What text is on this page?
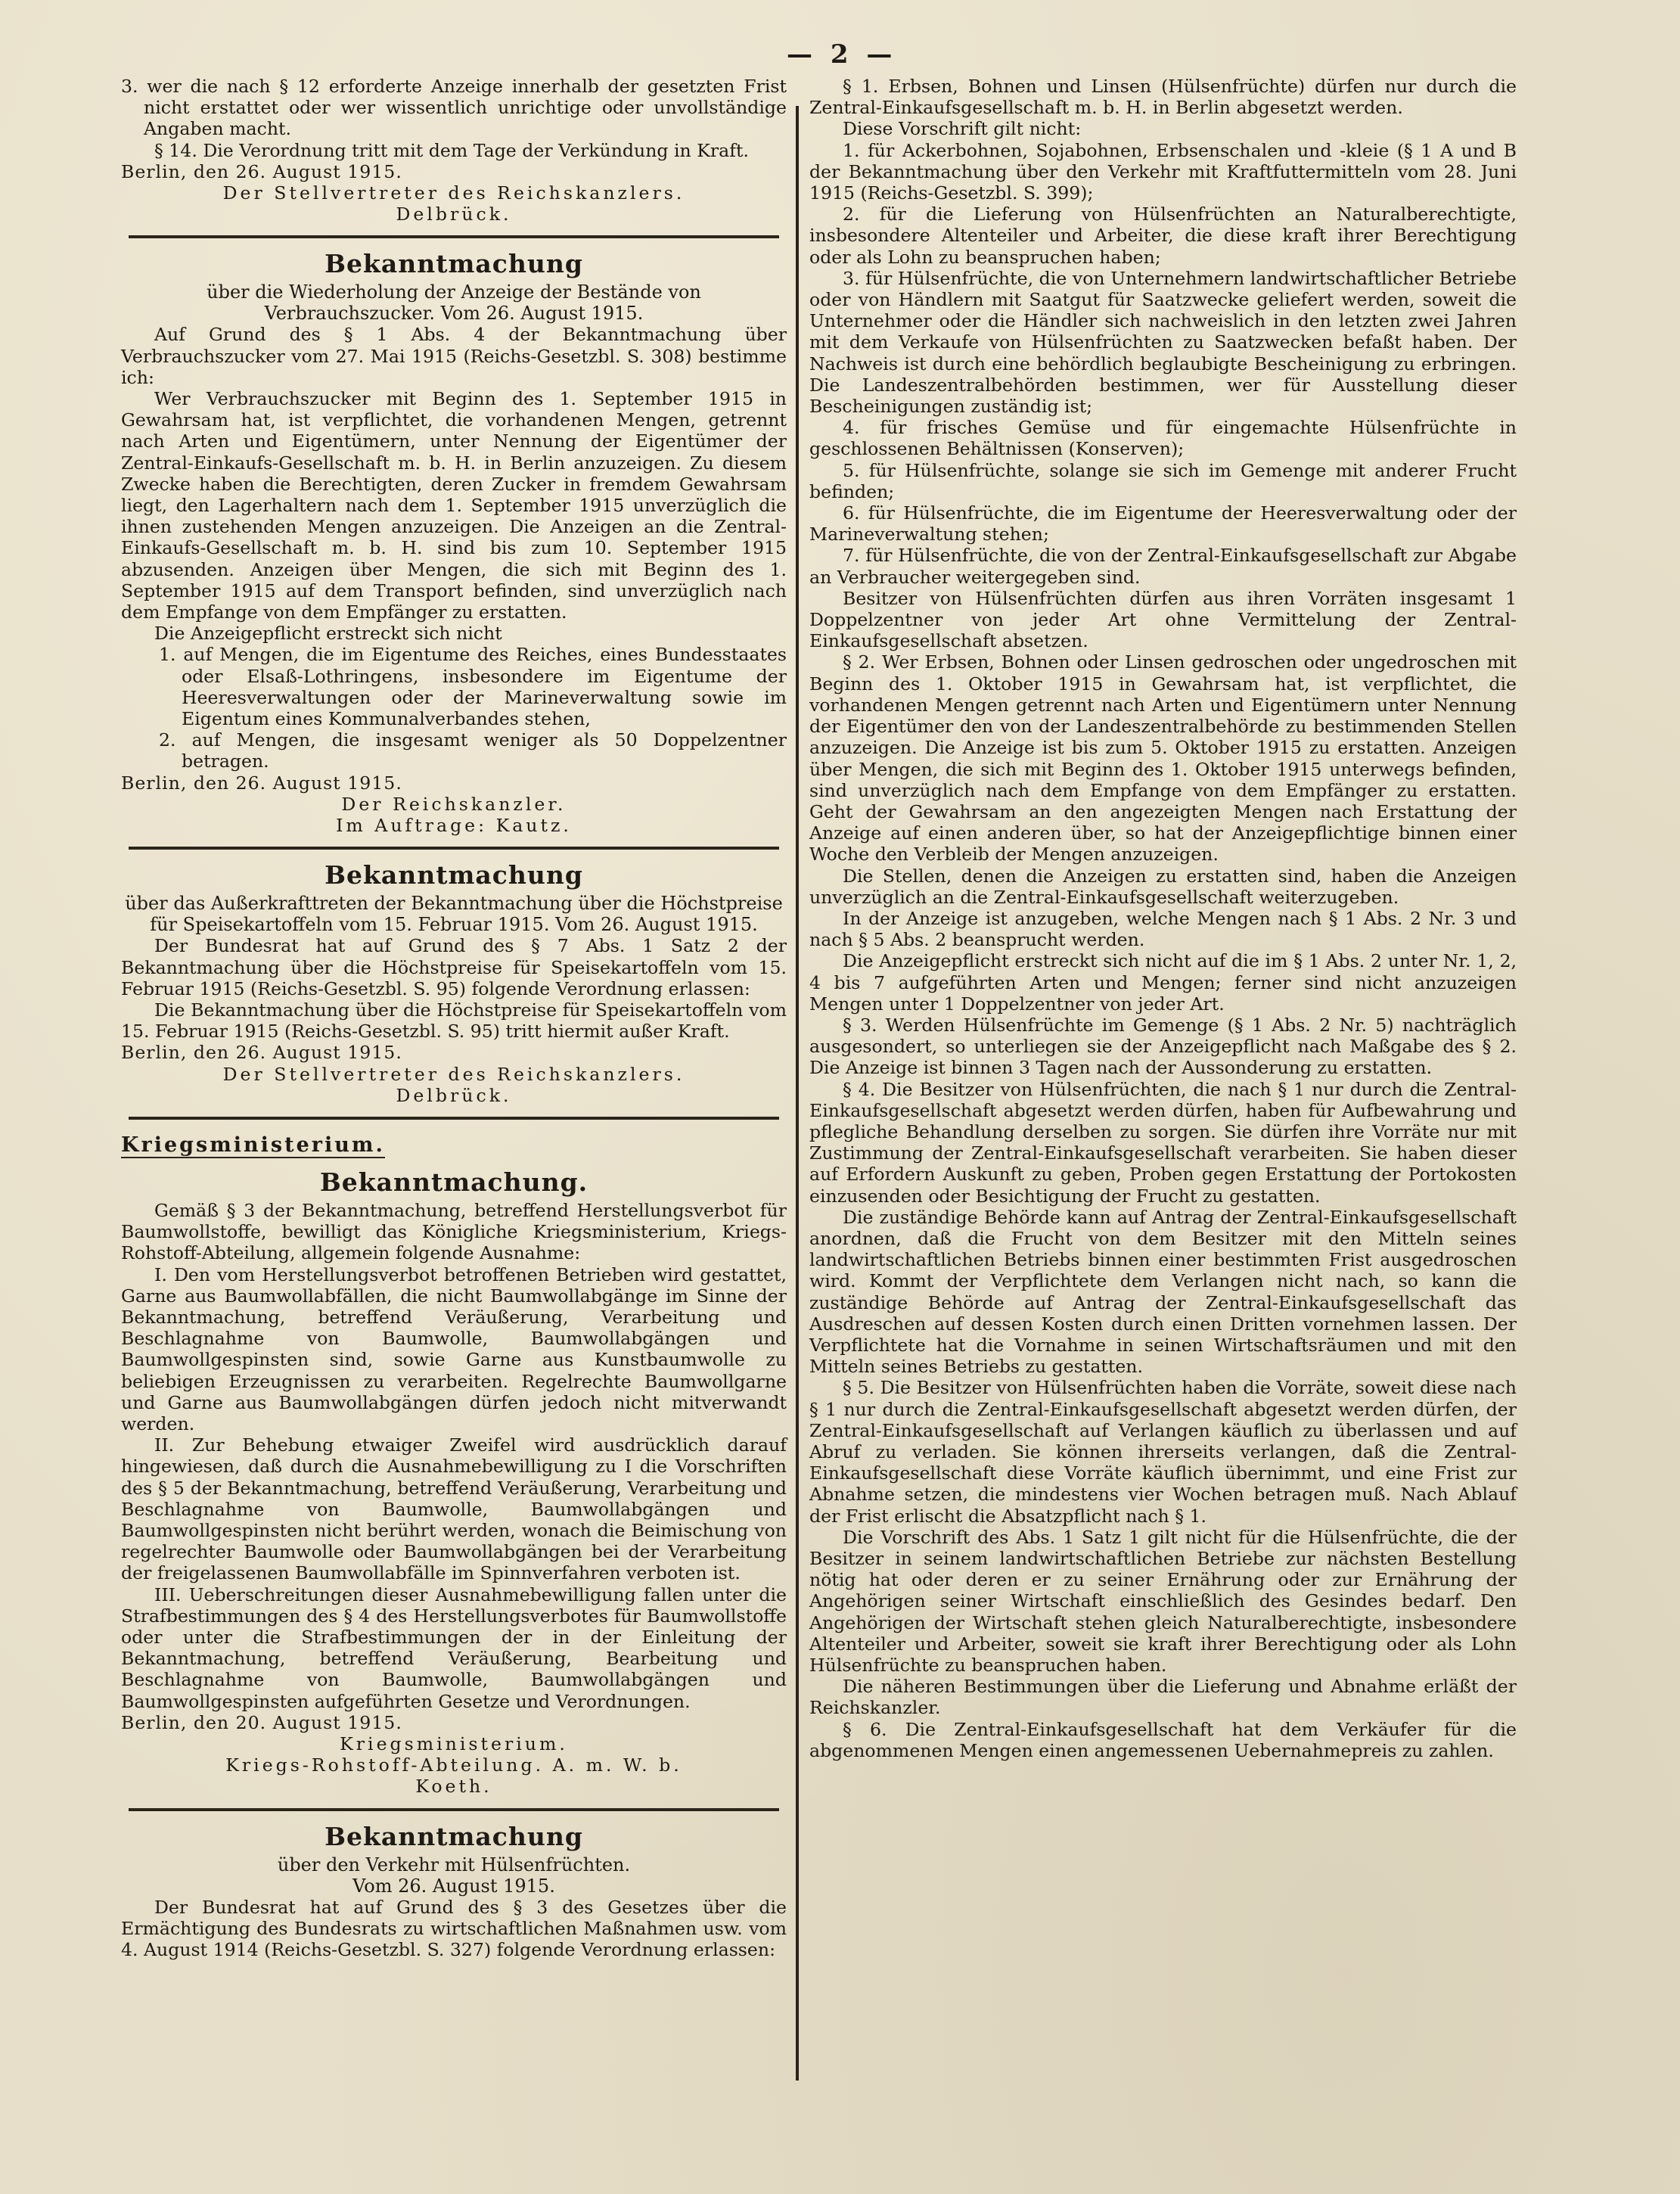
— 2 —

3. wer die nach § 12 erforderte Anzeige innerhalb der gesetzten Frist nicht erstattet oder wer wissentlich unrichtige oder unvollständige Angaben macht.

§ 14. Die Verordnung tritt mit dem Tage der Verkündung in Kraft.

Berlin, den 26. August 1915.

Der Stellvertreter des Reichskanzlers.

Delbrück.

Bekanntmachung
über die Wiederholung der Anzeige der Bestände von Verbrauchszucker. Vom 26. August 1915.

Auf Grund des § 1 Abs. 4 der Bekanntmachung über Verbrauchszucker vom 27. Mai 1915 (Reichs-Gesetzbl. S. 308) bestimme ich:

Wer Verbrauchszucker mit Beginn des 1. September 1915 in Gewahrsam hat, ist verpflichtet, die vorhandenen Mengen, getrennt nach Arten und Eigentümern, unter Nennung der Eigentümer der Zentral-Einkaufs-Gesellschaft m. b. H. in Berlin anzuzeigen. Zu diesem Zwecke haben die Berechtigten, deren Zucker in fremdem Gewahrsam liegt, den Lagerhaltern nach dem 1. September 1915 unverzüglich die ihnen zustehenden Mengen anzuzeigen. Die Anzeigen an die Zentral-Einkaufs-Gesellschaft m. b. H. sind bis zum 10. September 1915 abzusenden. Anzeigen über Mengen, die sich mit Beginn des 1. September 1915 auf dem Transport befinden, sind unverzüglich nach dem Empfange von dem Empfänger zu erstatten.

Die Anzeigepflicht erstreckt sich nicht

1. auf Mengen, die im Eigentume des Reiches, eines Bundesstaates oder Elsaß-Lothringens, insbesondere im Eigentume der Heeresverwaltungen oder der Marineverwaltung sowie im Eigentum eines Kommunalverbandes stehen,

2. auf Mengen, die insgesamt weniger als 50 Doppelzentner betragen.

Berlin, den 26. August 1915.

Der Reichskanzler.

Im Auftrage: Kautz.

Bekanntmachung
über das Außerkrafttreten der Bekanntmachung über die Höchstpreise für Speisekartoffeln vom 15. Februar 1915. Vom 26. August 1915.

Der Bundesrat hat auf Grund des § 7 Abs. 1 Satz 2 der Bekanntmachung über die Höchstpreise für Speisekartoffeln vom 15. Februar 1915 (Reichs-Gesetzbl. S. 95) folgende Verordnung erlassen:

Die Bekanntmachung über die Höchstpreise für Speisekartoffeln vom 15. Februar 1915 (Reichs-Gesetzbl. S. 95) tritt hiermit außer Kraft.

Berlin, den 26. August 1915.

Der Stellvertreter des Reichskanzlers.

Delbrück.

Kriegsministerium.
Bekanntmachung.

Gemäß § 3 der Bekanntmachung, betreffend Herstellungsverbot für Baumwollstoffe, bewilligt das Königliche Kriegsministerium, Kriegs-Rohstoff-Abteilung, allgemein folgende Ausnahme:

I. Den vom Herstellungsverbot betroffenen Betrieben wird gestattet, Garne aus Baumwollabfällen, die nicht Baumwollabgänge im Sinne der Bekanntmachung, betreffend Veräußerung, Verarbeitung und Beschlagnahme von Baumwolle, Baumwollabgängen und Baumwollgespinsten sind, sowie Garne aus Kunstbaumwolle zu beliebigen Erzeugnissen zu verarbeiten. Regelrechte Baumwollgarne und Garne aus Baumwollabgängen dürfen jedoch nicht mitverwandt werden.

II. Zur Behebung etwaiger Zweifel wird ausdrücklich darauf hingewiesen, daß durch die Ausnahmebewilligung zu I die Vorschriften des § 5 der Bekanntmachung, betreffend Veräußerung, Verarbeitung und Beschlagnahme von Baumwolle, Baumwollabgängen und Baumwollgespinsten nicht berührt werden, wonach die Beimischung von regelrechter Baumwolle oder Baumwollabgängen bei der Verarbeitung der freigelassenen Baumwollabfälle im Spinnverfahren verboten ist.

III. Ueberschreitungen dieser Ausnahmebewilligung fallen unter die Strafbestimmungen des § 4 des Herstellungsverbotes für Baumwollstoffe oder unter die Strafbestimmungen der in der Einleitung der Bekanntmachung, betreffend Veräußerung, Bearbeitung und Beschlagnahme von Baumwolle, Baumwollabgängen und Baumwollgespinsten aufgeführten Gesetze und Verordnungen.

Berlin, den 20. August 1915.

Kriegsministerium.

Kriegs-Rohstoff-Abteilung. A. m. W. b.

Koeth.

Bekanntmachung
über den Verkehr mit Hülsenfrüchten.
Vom 26. August 1915.

Der Bundesrat hat auf Grund des § 3 des Gesetzes über die Ermächtigung des Bundesrats zu wirtschaftlichen Maßnahmen usw. vom 4. August 1914 (Reichs-Gesetzbl. S. 327) folgende Verordnung erlassen:

§ 1. Erbsen, Bohnen und Linsen (Hülsenfrüchte) dürfen nur durch die Zentral-Einkaufsgesellschaft m. b. H. in Berlin abgesetzt werden.

Diese Vorschrift gilt nicht:

1. für Ackerbohnen, Sojabohnen, Erbsenschalen und -kleie (§ 1 A und B der Bekanntmachung über den Verkehr mit Kraftfuttermitteln vom 28. Juni 1915 (Reichs-Gesetzbl. S. 399);

2. für die Lieferung von Hülsenfrüchten an Naturalberechtigte, insbesondere Altenteiler und Arbeiter, die diese kraft ihrer Berechtigung oder als Lohn zu beanspruchen haben;

3. für Hülsenfrüchte, die von Unternehmern landwirtschaftlicher Betriebe oder von Händlern mit Saatgut für Saatzwecke geliefert werden, soweit die Unternehmer oder die Händler sich nachweislich in den letzten zwei Jahren mit dem Verkaufe von Hülsenfrüchten zu Saatzwecken befaßt haben. Der Nachweis ist durch eine behördlich beglaubigte Bescheinigung zu erbringen. Die Landeszentralbehörden bestimmen, wer für Ausstellung dieser Bescheinigungen zuständig ist;

4. für frisches Gemüse und für eingemachte Hülsenfrüchte in geschlossenen Behältnissen (Konserven);

5. für Hülsenfrüchte, solange sie sich im Gemenge mit anderer Frucht befinden;

6. für Hülsenfrüchte, die im Eigentume der Heeresverwaltung oder der Marineverwaltung stehen;

7. für Hülsenfrüchte, die von der Zentral-Einkaufsgesellschaft zur Abgabe an Verbraucher weitergegeben sind.

Besitzer von Hülsenfrüchten dürfen aus ihren Vorräten insgesamt 1 Doppelzentner von jeder Art ohne Vermittelung der Zentral-Einkaufsgesellschaft absetzen.

§ 2. Wer Erbsen, Bohnen oder Linsen gedroschen oder ungedroschen mit Beginn des 1. Oktober 1915 in Gewahrsam hat, ist verpflichtet, die vorhandenen Mengen getrennt nach Arten und Eigentümern unter Nennung der Eigentümer den von der Landeszentralbehörde zu bestimmenden Stellen anzuzeigen. Die Anzeige ist bis zum 5. Oktober 1915 zu erstatten. Anzeigen über Mengen, die sich mit Beginn des 1. Oktober 1915 unterwegs befinden, sind unverzüglich nach dem Empfange von dem Empfänger zu erstatten. Geht der Gewahrsam an den angezeigten Mengen nach Erstattung der Anzeige auf einen anderen über, so hat der Anzeigepflichtige binnen einer Woche den Verbleib der Mengen anzuzeigen.

Die Stellen, denen die Anzeigen zu erstatten sind, haben die Anzeigen unverzüglich an die Zentral-Einkaufsgesellschaft weiterzugeben.

In der Anzeige ist anzugeben, welche Mengen nach § 1 Abs. 2 Nr. 3 und nach § 5 Abs. 2 beansprucht werden.

Die Anzeigepflicht erstreckt sich nicht auf die im § 1 Abs. 2 unter Nr. 1, 2, 4 bis 7 aufgeführten Arten und Mengen; ferner sind nicht anzuzeigen Mengen unter 1 Doppelzentner von jeder Art.

§ 3. Werden Hülsenfrüchte im Gemenge (§ 1 Abs. 2 Nr. 5) nachträglich ausgesondert, so unterliegen sie der Anzeigepflicht nach Maßgabe des § 2. Die Anzeige ist binnen 3 Tagen nach der Aussonderung zu erstatten.

§ 4. Die Besitzer von Hülsenfrüchten, die nach § 1 nur durch die Zentral-Einkaufsgesellschaft abgesetzt werden dürfen, haben für Aufbewahrung und pflegliche Behandlung derselben zu sorgen. Sie dürfen ihre Vorräte nur mit Zustimmung der Zentral-Einkaufsgesellschaft verarbeiten. Sie haben dieser auf Erfordern Auskunft zu geben, Proben gegen Erstattung der Portokosten einzusenden oder Besichtigung der Frucht zu gestatten.

Die zuständige Behörde kann auf Antrag der Zentral-Einkaufsgesellschaft anordnen, daß die Frucht von dem Besitzer mit den Mitteln seines landwirtschaftlichen Betriebs binnen einer bestimmten Frist ausgedroschen wird. Kommt der Verpflichtete dem Verlangen nicht nach, so kann die zuständige Behörde auf Antrag der Zentral-Einkaufsgesellschaft das Ausdreschen auf dessen Kosten durch einen Dritten vornehmen lassen. Der Verpflichtete hat die Vornahme in seinen Wirtschaftsräumen und mit den Mitteln seines Betriebs zu gestatten.

§ 5. Die Besitzer von Hülsenfrüchten haben die Vorräte, soweit diese nach § 1 nur durch die Zentral-Einkaufsgesellschaft abgesetzt werden dürfen, der Zentral-Einkaufsgesellschaft auf Verlangen käuflich zu überlassen und auf Abruf zu verladen. Sie können ihrerseits verlangen, daß die Zentral-Einkaufsgesellschaft diese Vorräte käuflich übernimmt, und eine Frist zur Abnahme setzen, die mindestens vier Wochen betragen muß. Nach Ablauf der Frist erlischt die Absatzpflicht nach § 1.

Die Vorschrift des Abs. 1 Satz 1 gilt nicht für die Hülsenfrüchte, die der Besitzer in seinem landwirtschaftlichen Betriebe zur nächsten Bestellung nötig hat oder deren er zu seiner Ernährung oder zur Ernährung der Angehörigen seiner Wirtschaft einschließlich des Gesindes bedarf. Den Angehörigen der Wirtschaft stehen gleich Naturalberechtigte, insbesondere Altenteiler und Arbeiter, soweit sie kraft ihrer Berechtigung oder als Lohn Hülsenfrüchte zu beanspruchen haben.

Die näheren Bestimmungen über die Lieferung und Abnahme erläßt der Reichskanzler.

§ 6. Die Zentral-Einkaufsgesellschaft hat dem Verkäufer für die abgenommenen Mengen einen angemessenen Uebernahmepreis zu zahlen.
